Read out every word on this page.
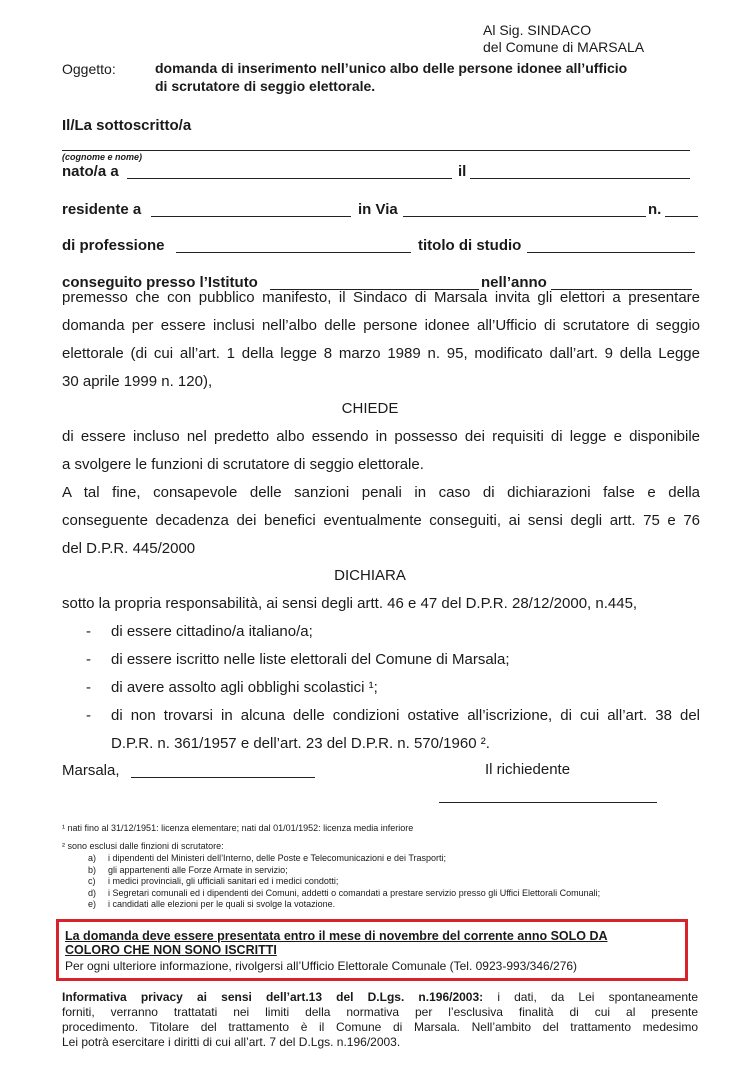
Al Sig. SINDACO
del Comune di MARSALA
Oggetto:	domanda di inserimento nell’unico albo delle persone idonee all’ufficio
di scrutatore di seggio elettorale.
Il/La sottoscritto/a
(cognome e nome)
nato/a a	il
residente a	in Via	n.
di professione	titolo di studio
conseguito presso l’Istituto	nell’anno
premesso che con pubblico manifesto, il Sindaco di Marsala invita gli elettori a presentare
domanda per essere inclusi nell’albo delle persone idonee all’Ufficio di scrutatore di seggio
elettorale (di cui all’art. 1 della legge 8 marzo 1989 n. 95, modificato dall’art. 9 della Legge
30 aprile 1999 n. 120),
CHIEDE
di essere incluso nel predetto albo essendo in possesso dei requisiti di legge e disponibile
a svolgere le funzioni di scrutatore di seggio elettorale.
A tal fine, consapevole delle sanzioni penali in caso di dichiarazioni false e della
conseguente decadenza dei benefici eventualmente conseguiti, ai sensi degli artt. 75 e 76
del D.P.R. 445/2000
DICHIARA
sotto la propria responsabilità, ai sensi degli artt. 46 e 47 del D.P.R. 28/12/2000, n.445,
- di essere cittadino/a italiano/a;
- di essere iscritto nelle liste elettorali del Comune di Marsala;
- di avere assolto agli obblighi scolastici ¹;
- di non trovarsi in alcuna delle condizioni ostative all’iscrizione, di cui all’art. 38 del
D.P.R. n. 361/1957 e dell’art. 23 del D.P.R. n. 570/1960 ².
Marsala,	Il richiedente
¹ nati fino al 31/12/1951: licenza elementare; nati dal 01/01/1952: licenza media inferiore
² sono esclusi dalle finzioni di scrutatore:
a) i dipendenti del Ministeri dell’Interno, delle Poste e Telecomunicazioni e dei Trasporti;
b) gli appartenenti alle Forze Armate in servizio;
c) i medici provinciali, gli ufficiali sanitari ed i medici condotti;
d) i Segretari comunali ed i dipendenti dei Comuni, addetti o comandati a prestare servizio presso gli Uffici Elettorali Comunali;
e) i candidati alle elezioni per le quali si svolge la votazione.
La domanda deve essere presentata entro il mese di novembre del corrente anno SOLO DA
COLORO CHE NON SONO ISCRITTI
Per ogni ulteriore informazione, rivolgersi all’Ufficio Elettorale Comunale (Tel. 0923-993/346/276)
Informativa privacy ai sensi dell’art.13 del D.Lgs. n.196/2003: i dati, da Lei spontaneamente
forniti, verranno trattatati nei limiti della normativa per l’esclusiva finalità di cui al presente
procedimento. Titolare del trattamento è il Comune di Marsala. Nell’ambito del trattamento medesimo
Lei potrà esercitare i diritti di cui all’art. 7 del D.Lgs. n.196/2003.
